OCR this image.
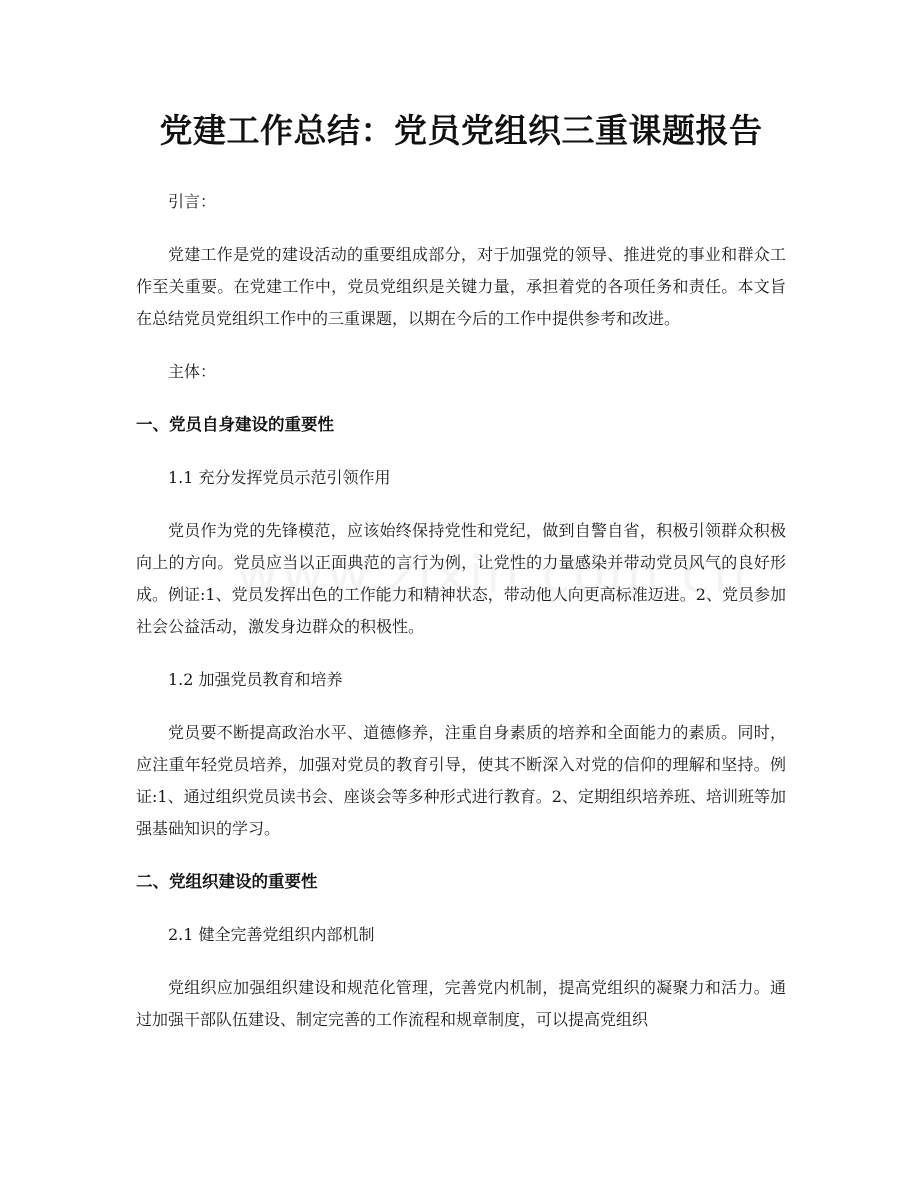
党建工作总结：党员党组织三重课题报告

引言：

党建工作是党的建设活动的重要组成部分，对于加强党的领导、推进党的事业和群众工作至关重要。在党建工作中，党员党组织是关键力量，承担着党的各项任务和责任。本文旨在总结党员党组织工作中的三重课题，以期在今后的工作中提供参考和改进。

主体：

一、党员自身建设的重要性

1.1 充分发挥党员示范引领作用

党员作为党的先锋模范，应该始终保持党性和党纪，做到自警自省，积极引领群众积极向上的方向。党员应当以正面典范的言行为例，让党性的力量感染并带动党员风气的良好形成。例证:1、党员发挥出色的工作能力和精神状态，带动他人向更高标准迈进。2、党员参加社会公益活动，激发身边群众的积极性。

1.2 加强党员教育和培养

党员要不断提高政治水平、道德修养，注重自身素质的培养和全面能力的素质。同时，应注重年轻党员培养，加强对党员的教育引导，使其不断深入对党的信仰的理解和坚持。例证:1、通过组织党员读书会、座谈会等多种形式进行教育。2、定期组织培养班、培训班等加强基础知识的学习。

二、党组织建设的重要性

2.1 健全完善党组织内部机制

党组织应加强组织建设和规范化管理，完善党内机制，提高党组织的凝聚力和活力。通过加强干部队伍建设、制定完善的工作流程和规章制度，可以提高党组织
